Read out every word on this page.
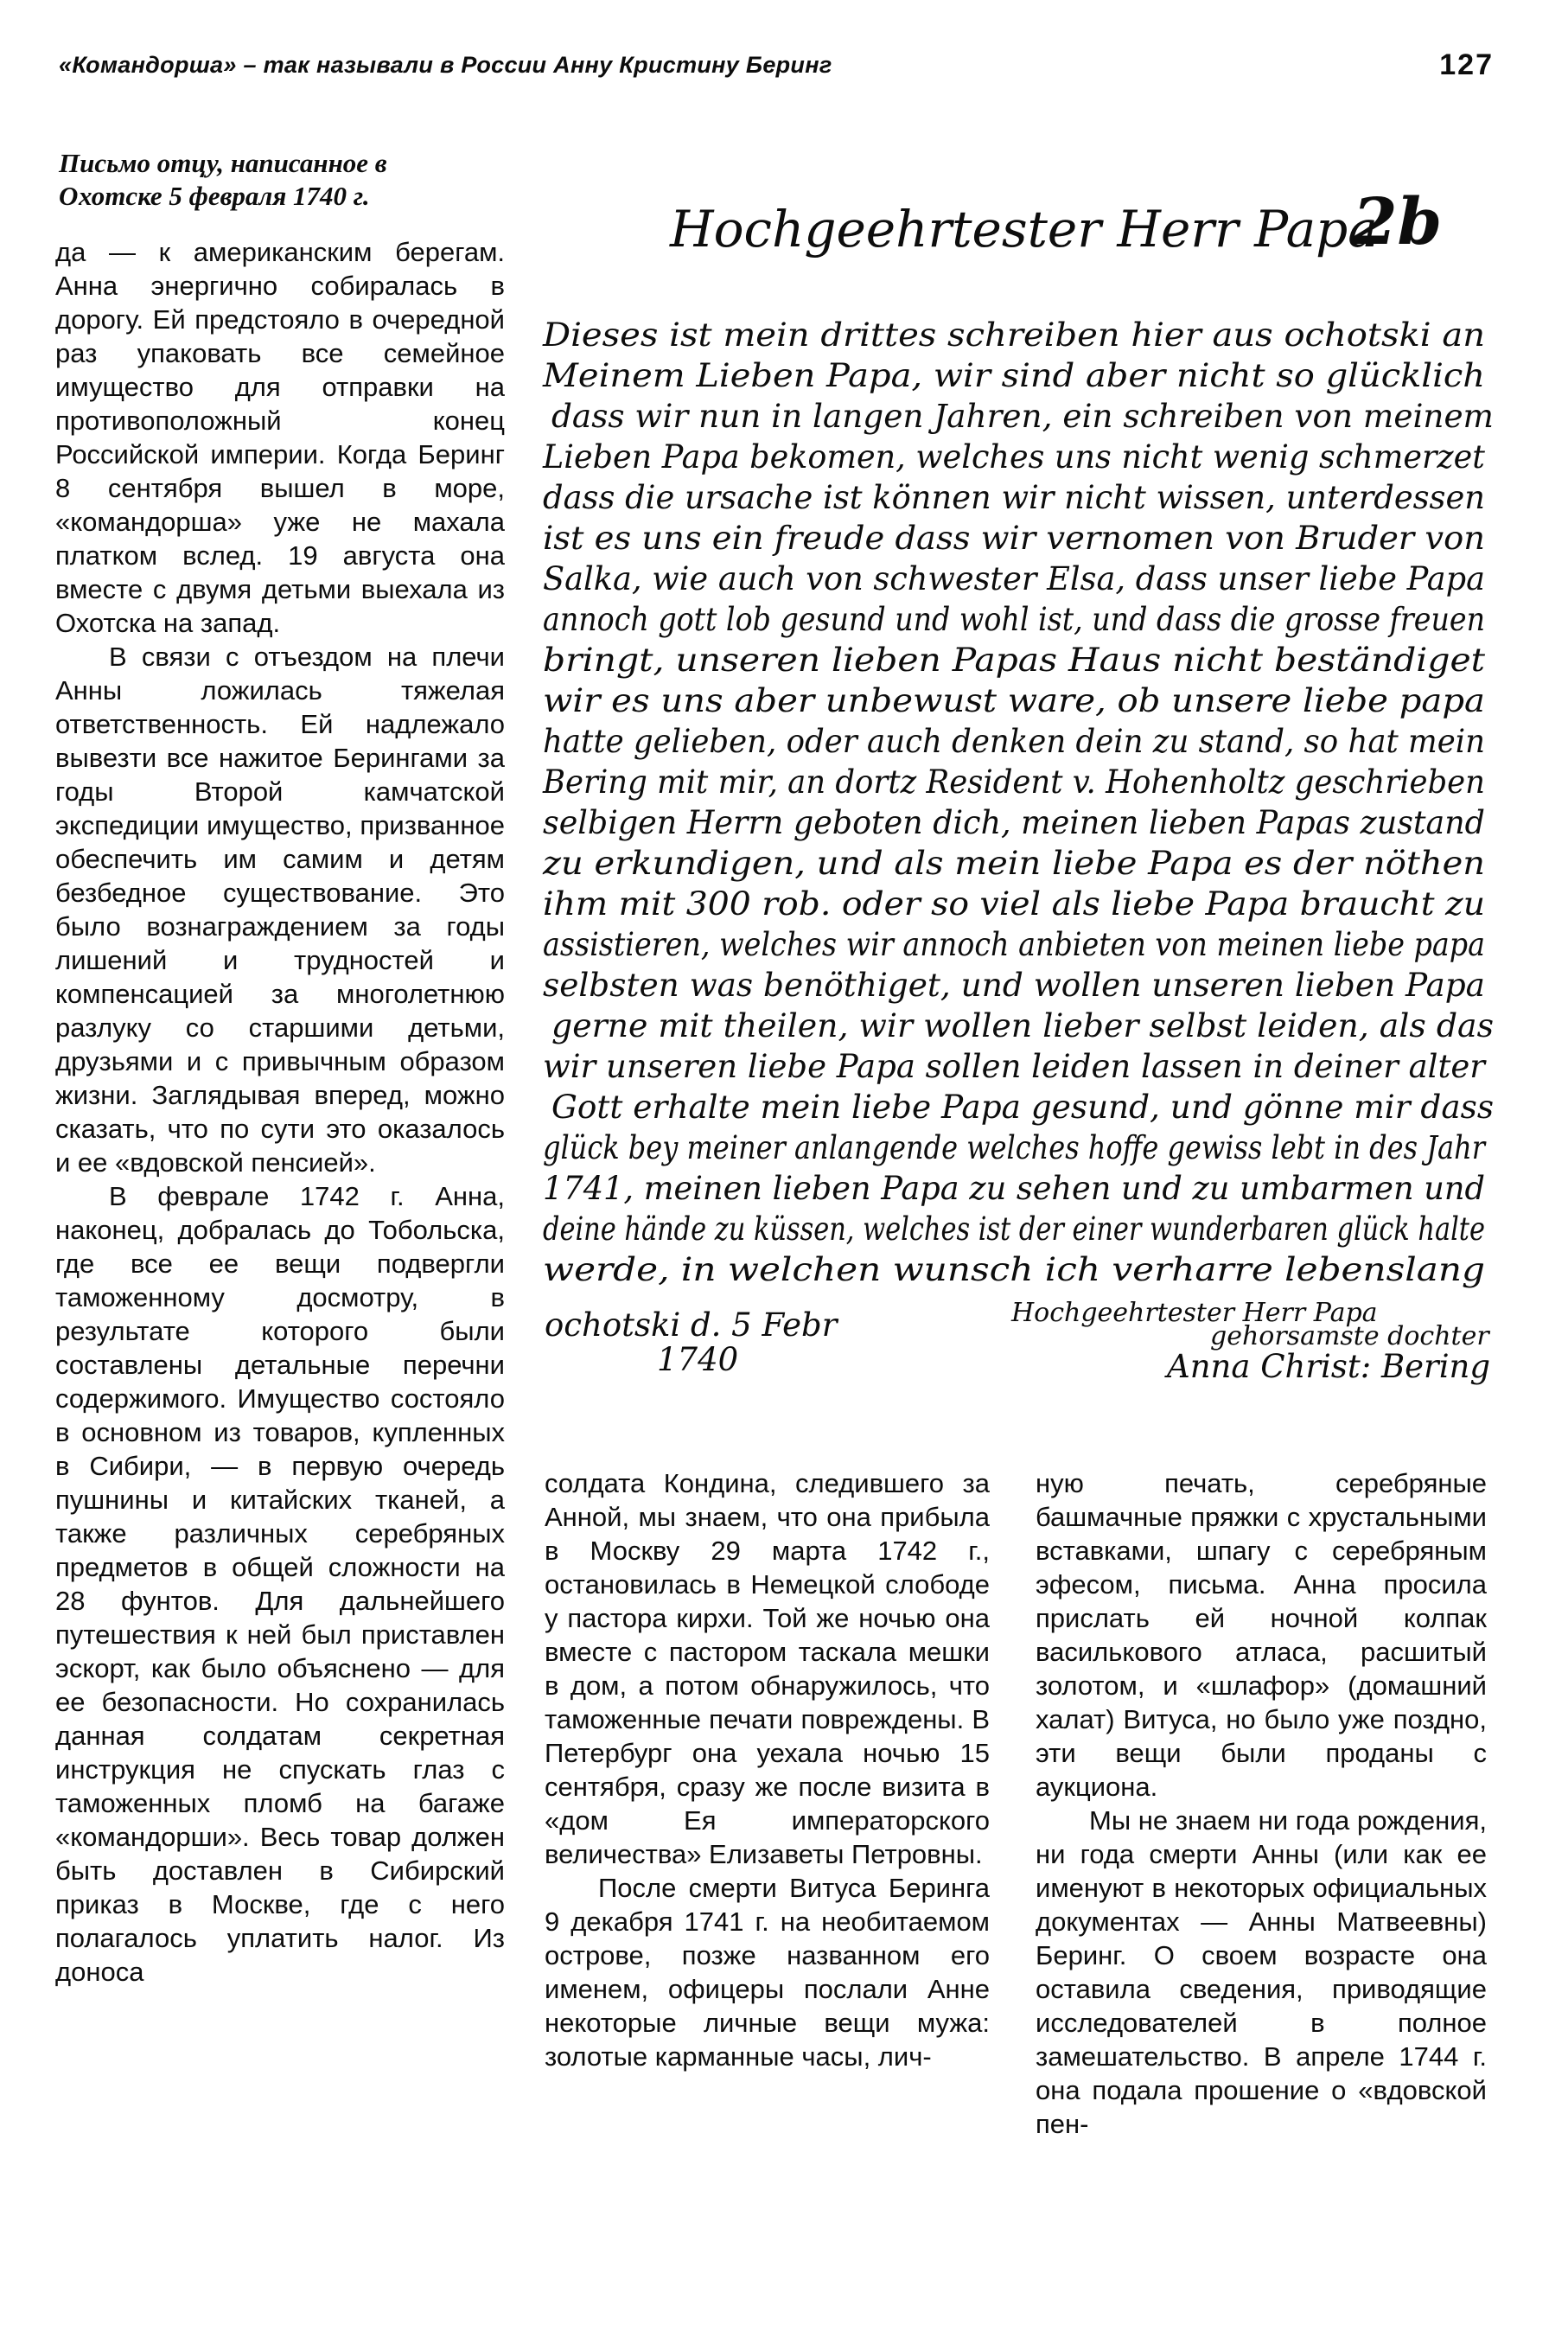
«Командорша» – так называли в России Анну Кристину Беринг	127
Письмо отцу, написанное в Охотске 5 февраля 1740 г.

да — к американским берегам. Анна энергично собиралась в дорогу. Ей предстояло в очередной раз упаковать все семейное имущество для отправки на противоположный конец Российской империи. Когда Беринг 8 сентября вышел в море, «командорша» уже не махала платком вслед. 19 августа она вместе с двумя детьми выехала из Охотска на запад.

В связи с отъездом на плечи Анны ложилась тяжелая ответственность. Ей надлежало вывезти все нажитое Берингами за годы Второй камчатской экспедиции имущество, призванное обеспечить им самим и детям безбедное существование. Это было вознаграждением за годы лишений и трудностей и компенсацией за многолетнюю разлуку со старшими детьми, друзьями и с привычным образом жизни. Заглядывая вперед, можно сказать, что по сути это оказалось и ее «вдовской пенсией».

В феврале 1742 г. Анна, наконец, добралась до Тобольска, где все ее вещи подвергли таможенному досмотру, в результате которого были составлены детальные перечни содержимого. Имущество состояло в основном из товаров, купленных в Сибири, — в первую очередь пушнины и китайских тканей, а также различных серебряных предметов в общей сложности на 28 фунтов. Для дальнейшего путешествия к ней был приставлен эскорт, как было объяснено — для ее безопасности. Но сохранилась данная солдатам секретная инструкция не спускать глаз с таможенных пломб на багаже «командорши». Весь товар должен быть доставлен в Сибирский приказ в Москве, где с него полагалось уплатить налог. Из доноса

солдата Кондина, следившего за Анной, мы знаем, что она прибыла в Москву 29 марта 1742 г., остановилась в Немецкой слободе у пастора кирхи. Той же ночью она вместе с пастором таскала мешки в дом, а потом обнаружилось, что таможенные печати повреждены. В Петербург она уехала ночью 15 сентября, сразу же после визита в «дом Ея императорского величества» Елизаветы Петровны.

После смерти Витуса Беринга 9 декабря 1741 г. на необитаемом острове, позже названном его именем, офицеры послали Анне некоторые личные вещи мужа: золотые карманные часы, лич-

ную печать, серебряные башмачные пряжки с хрустальными вставками, шпагу с серебряным эфесом, письма. Анна просила прислать ей ночной колпак василькового атласа, расшитый золотом, и «шлафор» (домашний халат) Витуса, но было уже поздно, эти вещи были проданы с аукциона.

Мы не знаем ни года рождения, ни года смерти Анны (или как ее именуют в некоторых официальных документах — Анны Матвеевны) Беринг. О своем возрасте она оставила сведения, приводящие исследователей в полное замешательство. В апреле 1744 г. она подала прошение о «вдовской пен-

Hochgeehrtester Herr Papa
2b
Dieses ist mein drittes schreiben hier aus ochotski an
Meinem Lieben Papa, wir sind aber nicht so glücklich
dass wir nun in langen Jahren, ein schreiben von meinem
Lieben Papa bekomen, welches uns nicht wenig schmerzet
dass die ursache ist können wir nicht wissen, unterdessen
ist es uns ein freude dass wir vernomen von Bruder von
Salka, wie auch von schwester Elsa, dass unser liebe Papa
annoch gott lob gesund und wohl ist, und dass die grosse freuen
bringt, unseren lieben Papas Haus nicht beständiget
wir es uns aber unbewust ware, ob unsere liebe papa
hatte gelieben, oder auch denken dein zu stand, so hat mein
Bering mit mir, an dortz Resident v. Hohenholtz geschrieben
selbigen Herrn geboten dich, meinen lieben Papas zustand
zu erkundigen, und als mein liebe Papa es der nöthen
ihm mit 300 rob. oder so viel als liebe Papa braucht zu
assistieren, welches wir annoch anbieten von meinen liebe papa
selbsten was benöthiget, und wollen unseren lieben Papa
gerne mit theilen, wir wollen lieber selbst leiden, als das
wir unseren liebe Papa sollen leiden lassen in deiner alter
Gott erhalte mein liebe Papa gesund, und gönne mir dass
glück bey meiner anlangende welches hoffe gewiss lebt in des Jahr
1741, meinen lieben Papa zu sehen und zu umbarmen und
deine hände zu küssen, welches ist der einer wunderbaren glück halte
werde, in welchen wunsch ich verharre lebenslang
ochotski d. 5 Febr
1740
Hochgeehrtester Herr Papa
gehorsamste dochter
Anna Christ: Bering
